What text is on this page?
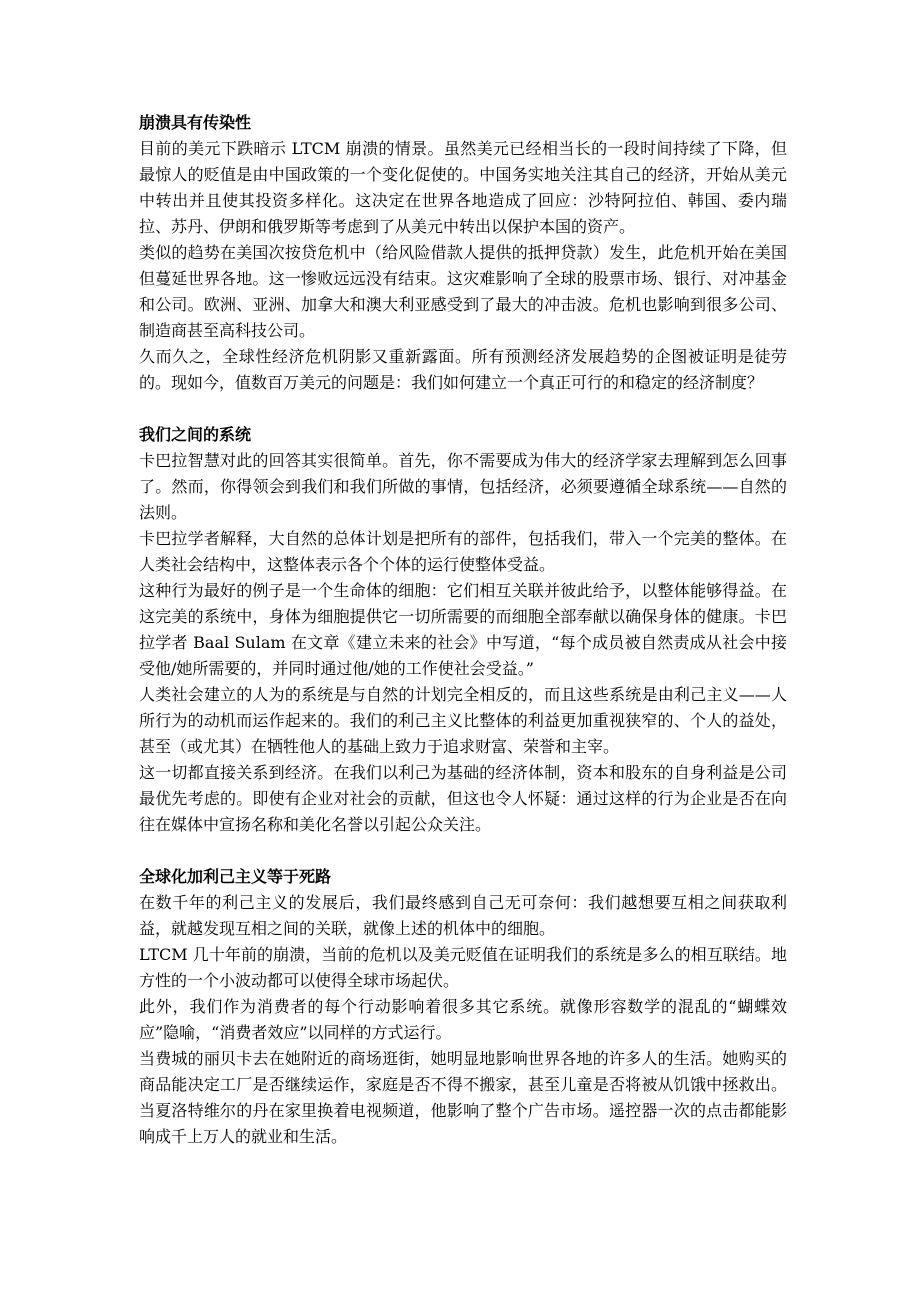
崩溃具有传染性

目前的美元下跌暗示 LTCM 崩溃的情景。虽然美元已经相当长的一段时间持续了下降，但最惊人的贬值是由中国政策的一个变化促使的。中国务实地关注其自己的经济，开始从美元中转出并且使其投资多样化。这决定在世界各地造成了回应：沙特阿拉伯、韩国、委内瑞拉、苏丹、伊朗和俄罗斯等考虑到了从美元中转出以保护本国的资产。

类似的趋势在美国次按贷危机中（给风险借款人提供的抵押贷款）发生，此危机开始在美国但蔓延世界各地。这一惨败远远没有结束。这灾难影响了全球的股票市场、银行、对冲基金和公司。欧洲、亚洲、加拿大和澳大利亚感受到了最大的冲击波。危机也影响到很多公司、制造商甚至高科技公司。

久而久之，全球性经济危机阴影又重新露面。所有预测经济发展趋势的企图被证明是徒劳的。现如今，值数百万美元的问题是：我们如何建立一个真正可行的和稳定的经济制度？

我们之间的系统

卡巴拉智慧对此的回答其实很简单。首先，你不需要成为伟大的经济学家去理解到怎么回事了。然而，你得领会到我们和我们所做的事情，包括经济，必须要遵循全球系统——自然的法则。

卡巴拉学者解释，大自然的总体计划是把所有的部件，包括我们，带入一个完美的整体。在人类社会结构中，这整体表示各个个体的运行使整体受益。

这种行为最好的例子是一个生命体的细胞：它们相互关联并彼此给予，以整体能够得益。在这完美的系统中，身体为细胞提供它一切所需要的而细胞全部奉献以确保身体的健康。卡巴拉学者 Baal Sulam 在文章《建立未来的社会》中写道，“每个成员被自然责成从社会中接受他/她所需要的，并同时通过他/她的工作使社会受益。”

人类社会建立的人为的系统是与自然的计划完全相反的，而且这些系统是由利己主义——人所行为的动机而运作起来的。我们的利己主义比整体的利益更加重视狭窄的、个人的益处，甚至（或尤其）在牺牲他人的基础上致力于追求财富、荣誉和主宰。

这一切都直接关系到经济。在我们以利己为基础的经济体制，资本和股东的自身利益是公司最优先考虑的。即使有企业对社会的贡献，但这也令人怀疑：通过这样的行为企业是否在向往在媒体中宣扬名称和美化名誉以引起公众关注。

全球化加利己主义等于死路

在数千年的利己主义的发展后，我们最终感到自己无可奈何：我们越想要互相之间获取利益，就越发现互相之间的关联，就像上述的机体中的细胞。

LTCM 几十年前的崩溃，当前的危机以及美元贬值在证明我们的系统是多么的相互联结。地方性的一个小波动都可以使得全球市场起伏。

此外，我们作为消费者的每个行动影响着很多其它系统。就像形容数学的混乱的“蝴蝶效应”隐喻，“消费者效应”以同样的方式运行。

当费城的丽贝卡去在她附近的商场逛街，她明显地影响世界各地的许多人的生活。她购买的商品能决定工厂是否继续运作，家庭是否不得不搬家，甚至儿童是否将被从饥饿中拯救出。当夏洛特维尔的丹在家里换着电视频道，他影响了整个广告市场。遥控器一次的点击都能影响成千上万人的就业和生活。
